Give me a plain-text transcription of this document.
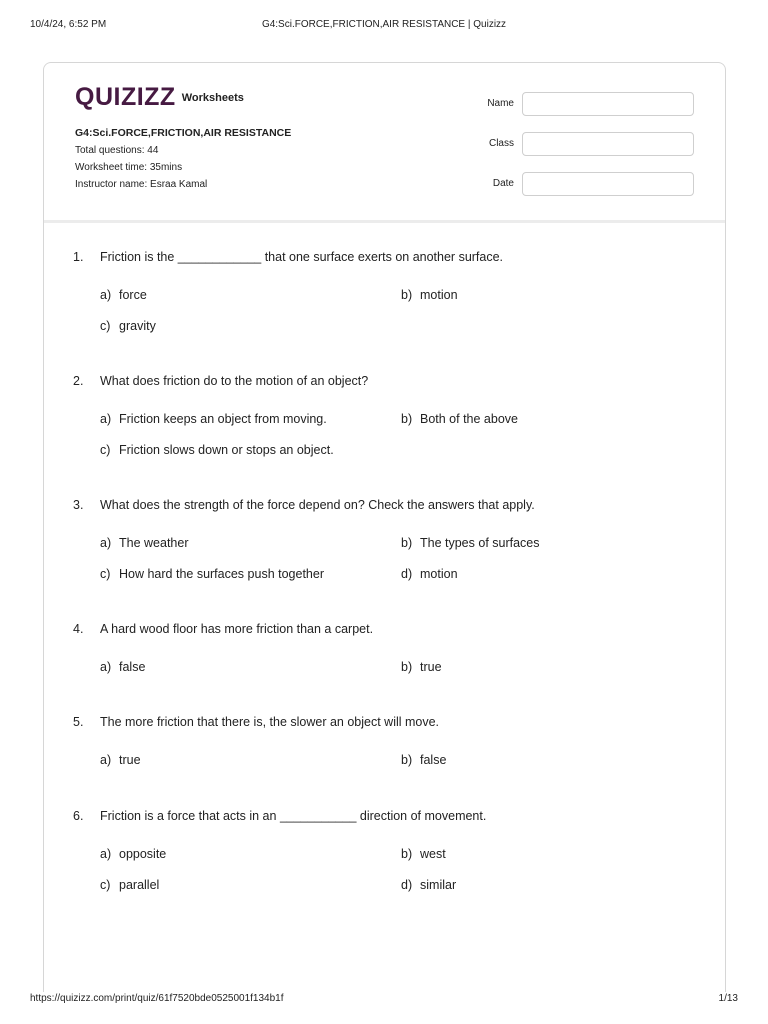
10/4/24, 6:52 PM	G4:Sci.FORCE,FRICTION,AIR RESISTANCE | Quizizz
QUIZIZZ Worksheets
G4:Sci.FORCE,FRICTION,AIR RESISTANCE
Total questions: 44
Worksheet time: 35mins
Instructor name: Esraa Kamal
Name
Class
Date
1. Friction is the ____________ that one surface exerts on another surface.
a) force	b) motion
c) gravity
2. What does friction do to the motion of an object?
a) Friction keeps an object from moving.	b) Both of the above
c) Friction slows down or stops an object.
3. What does the strength of the force depend on? Check the answers that apply.
a) The weather	b) The types of surfaces
c) How hard the surfaces push together	d) motion
4. A hard wood floor has more friction than a carpet.
a) false	b) true
5. The more friction that there is, the slower an object will move.
a) true	b) false
6. Friction is a force that acts in an ___________ direction of movement.
a) opposite	b) west
c) parallel	d) similar
https://quizizz.com/print/quiz/61f7520bde0525001f134b1f	1/13
